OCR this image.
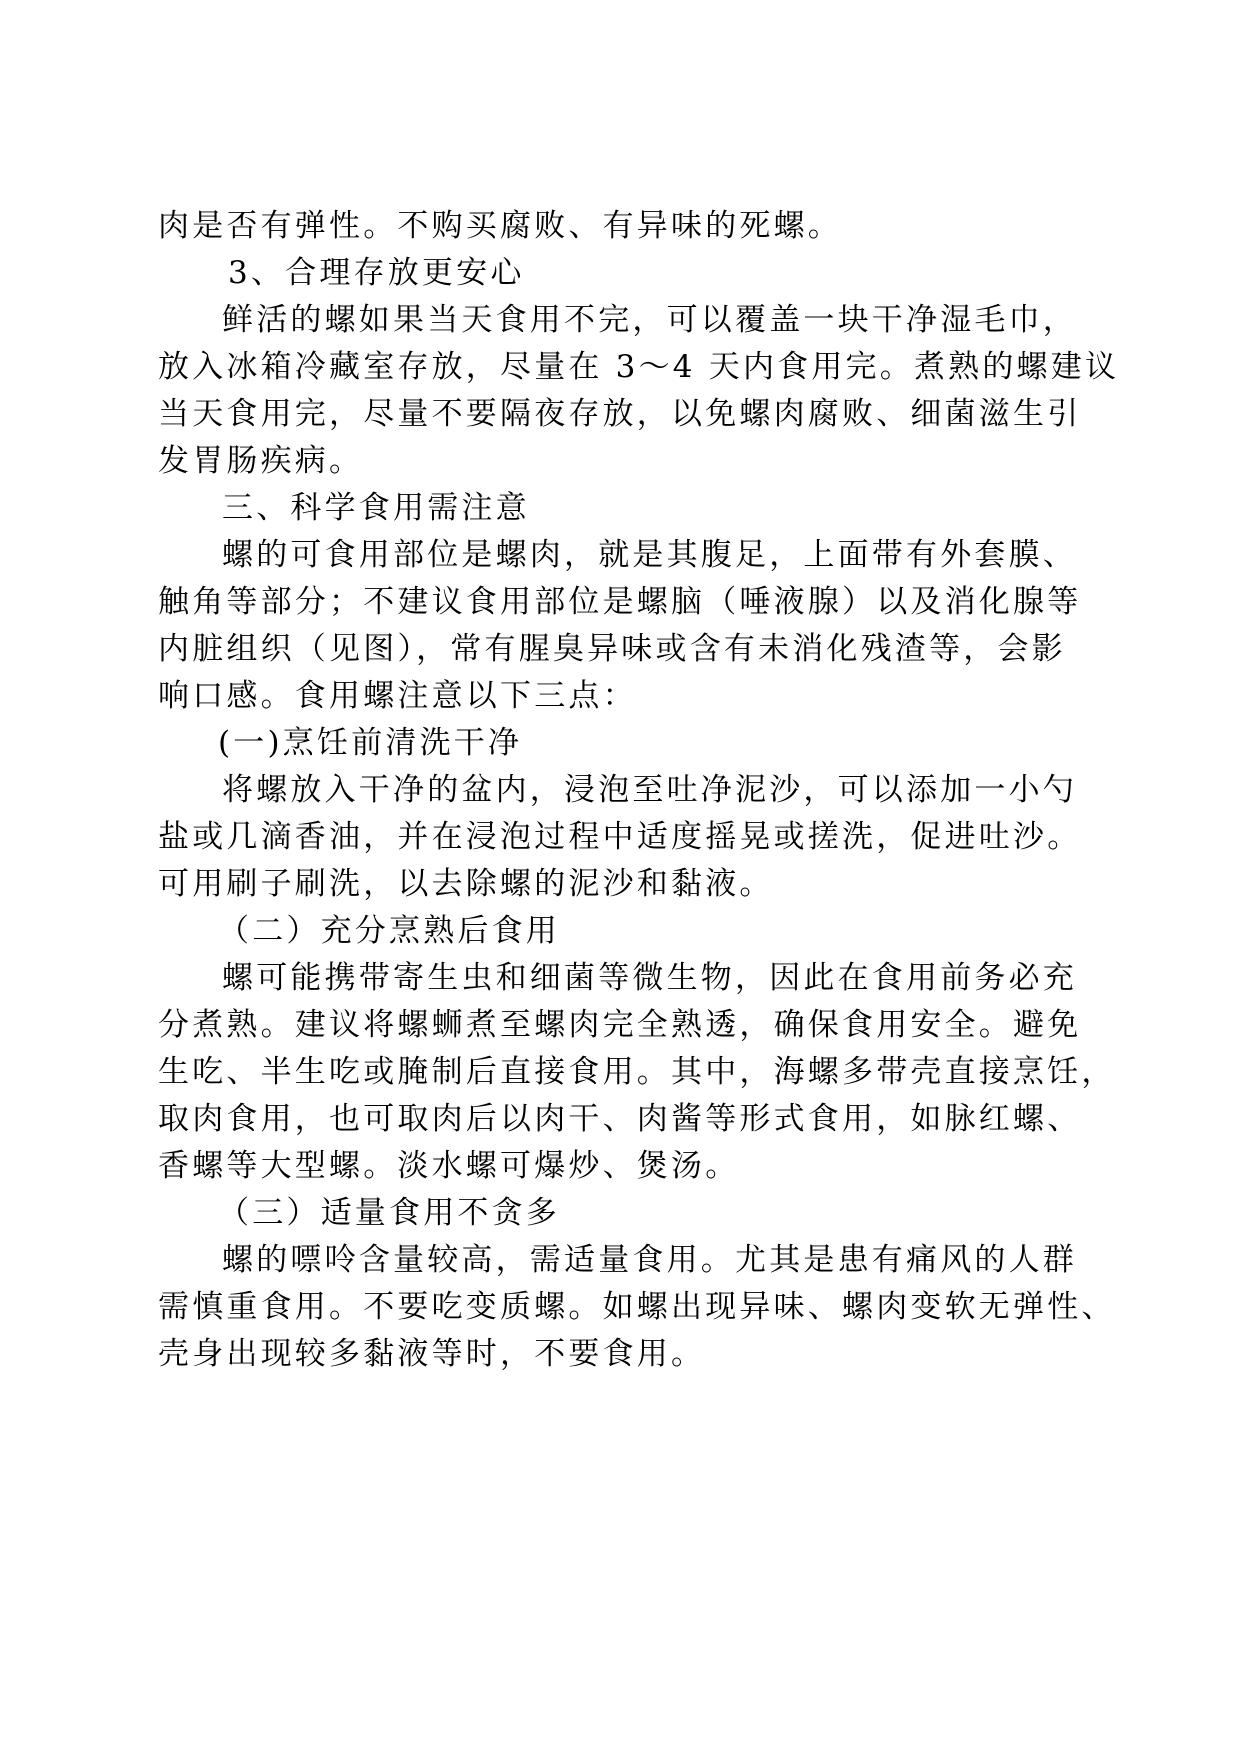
肉是否有弹性。不购买腐败、有异味的死螺。
3、合理存放更安心
鲜活的螺如果当天食用不完，可以覆盖一块干净湿毛巾，
放入冰箱冷藏室存放，尽量在 3～4 天内食用完。煮熟的螺建议
当天食用完，尽量不要隔夜存放，以免螺肉腐败、细菌滋生引
发胃肠疾病。
三、科学食用需注意
螺的可食用部位是螺肉，就是其腹足，上面带有外套膜、
触角等部分；不建议食用部位是螺脑（唾液腺）以及消化腺等
内脏组织（见图），常有腥臭异味或含有未消化残渣等，会影
响口感。食用螺注意以下三点：
(一)烹饪前清洗干净
将螺放入干净的盆内，浸泡至吐净泥沙，可以添加一小勺
盐或几滴香油，并在浸泡过程中适度摇晃或搓洗，促进吐沙。
可用刷子刷洗，以去除螺的泥沙和黏液。
（二）充分烹熟后食用
螺可能携带寄生虫和细菌等微生物，因此在食用前务必充
分煮熟。建议将螺蛳煮至螺肉完全熟透，确保食用安全。避免
生吃、半生吃或腌制后直接食用。其中，海螺多带壳直接烹饪，
取肉食用，也可取肉后以肉干、肉酱等形式食用，如脉红螺、
香螺等大型螺。淡水螺可爆炒、煲汤。
（三）适量食用不贪多
螺的嘌呤含量较高，需适量食用。尤其是患有痛风的人群
需慎重食用。不要吃变质螺。如螺出现异味、螺肉变软无弹性、
壳身出现较多黏液等时，不要食用。
